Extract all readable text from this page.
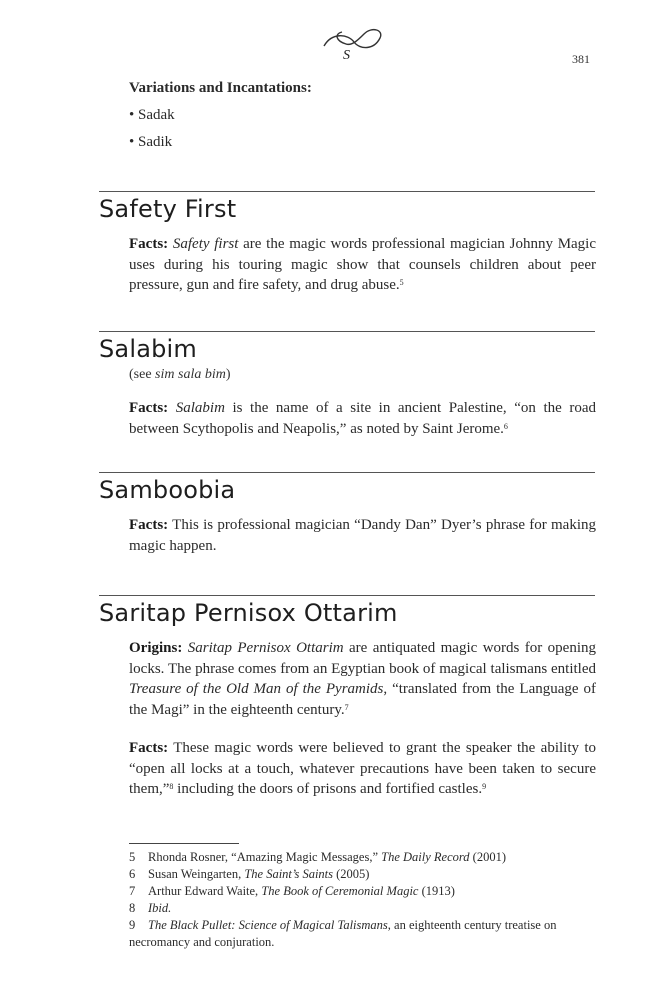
S	381
Variations and Incantations:
• Sadak
• Sadik
Safety First
Facts: Safety first are the magic words professional magician Johnny Magic uses during his touring magic show that counsels children about peer pressure, gun and fire safety, and drug abuse.$^5$
Salabim
(see sim sala bim)
Facts: Salabim is the name of a site in ancient Palestine, “on the road between Scythopolis and Neapolis,” as noted by Saint Jerome.$^6$
Samboobia
Facts: This is professional magician “Dandy Dan” Dyer’s phrase for making magic happen.
Saritap Pernisox Ottarim
Origins: Saritap Pernisox Ottarim are antiquated magic words for opening locks. The phrase comes from an Egyptian book of magical talismans entitled Treasure of the Old Man of the Pyramids, “translated from the Language of the Magi” in the eighteenth century.$^7$
Facts: These magic words were believed to grant the speaker the ability to “open all locks at a touch, whatever precautions have been taken to secure them,”$^8$ including the doors of prisons and fortified castles.$^9$
5 Rhonda Rosner, “Amazing Magic Messages,” The Daily Record (2001)
6 Susan Weingarten, The Saint’s Saints (2005)
7 Arthur Edward Waite, The Book of Ceremonial Magic (1913)
8 Ibid.
9 The Black Pullet: Science of Magical Talismans, an eighteenth century treatise on necromancy and conjuration.
